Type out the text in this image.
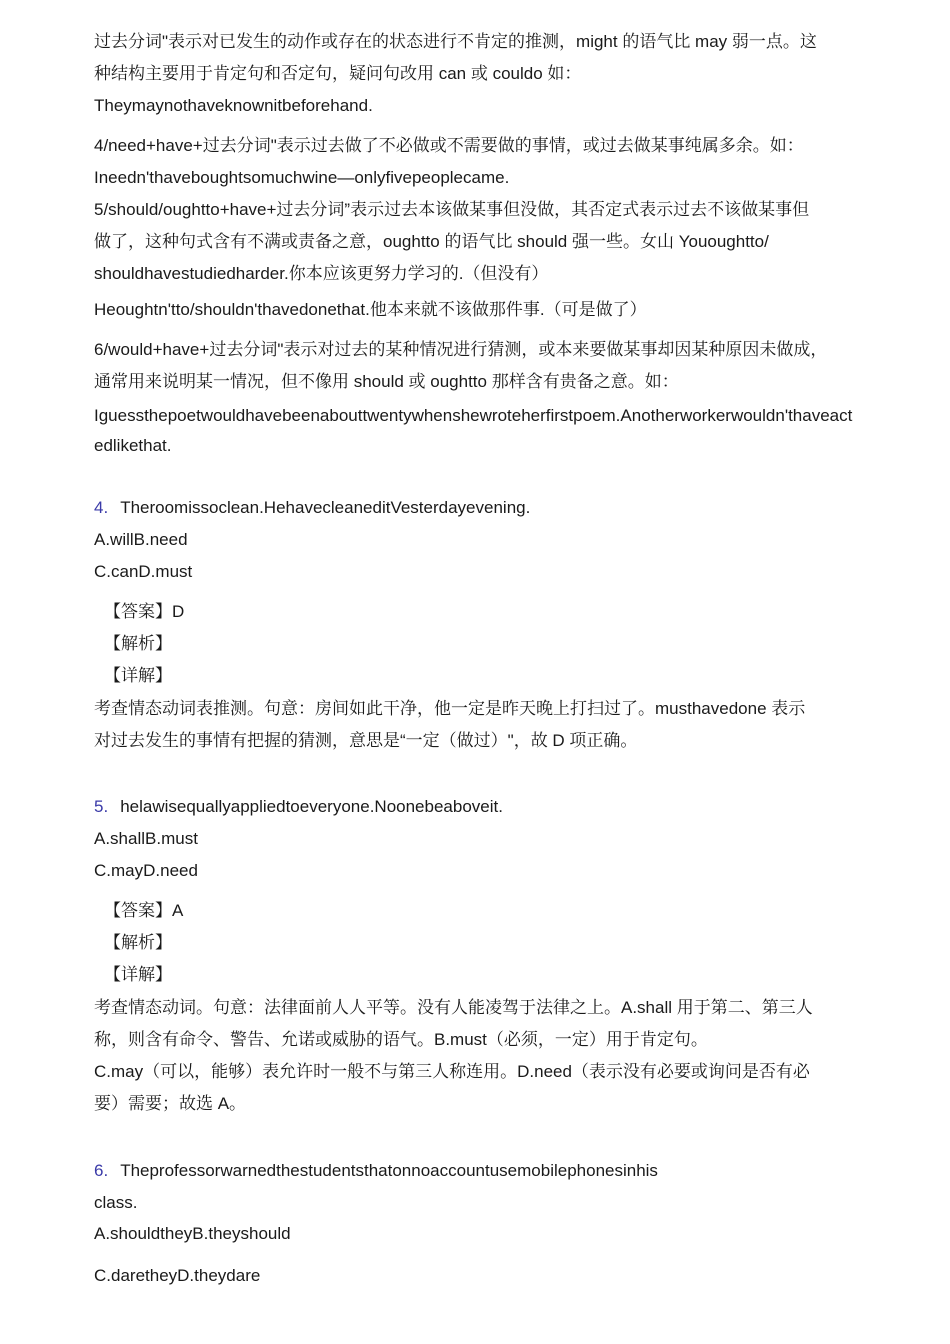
过去分词"表示对已发生的动作或存在的状态进行不肯定的推测，might 的语气比 may 弱一点。这
种结构主要用于肯定句和否定句，疑问句改用 can 或 couldo 如：
Theymaynothaveknownitbeforehand.
4/need+have+过去分词"表示过去做了不必做或不需要做的事情，或过去做某事纯属多余。如：
Ineedn'thaveboughtsomuchwine—onlyfivepeoplecame.
5/should/oughtto+have+过去分词”表示过去本该做某事但没做，其否定式表示过去不该做某事但
做了，这种句式含有不满或责备之意，oughtto 的语气比 should 强一些。女山 Yououghtto/
shouldhavestudiedharder.你本应该更努力学习的.（但没有）
Heoughtn'tto/shouldn'thavedonethat.他本来就不该做那件事.（可是做了）
6/would+have+过去分词"表示对过去的某种情况进行猜测，或本来要做某事却因某种原因未做成，
通常用来说明某一情况，但不像用 should 或 oughtto 那样含有贵备之意。如：
Iguessthepoetwouldhavebeenabouttwentywhenshewroteherfirstpoem.Anotherworkerwouldn'thaveact
edlikethat.
4. Theroomissoclean.HehavecleaneditVesterdayevening.
A.willB.need
C.canD.must
【答案】D
【解析】
【详解】
考查情态动词表推测。句意：房间如此干净，他一定是昨天晚上打扫过了。musthavedone 表示
对过去发生的事情有把握的猜测，意思是“一定（做过）"，故 D 项正确。
5. helawisequallyappliedtoeveryone.Noonebeaboveit.
A.shallB.must
C.mayD.need
【答案】A
【解析】
【详解】
考查情态动词。句意：法律面前人人平等。没有人能凌驾于法律之上。A.shall 用于第二、第三人
称，则含有命令、警告、允诺或威胁的语气。B.must（必须，一定）用于肯定句。
C.may（可以，能够）表允许时一般不与第三人称连用。D.need（表示没有必要或询问是否有必
要）需要；故选 A。
6. Theprofessorwarnedthestudentsthatonnoaccountusemobilephonesinhis
class.
A.shouldtheyB.theyshould
C.daretheyD.theydare
